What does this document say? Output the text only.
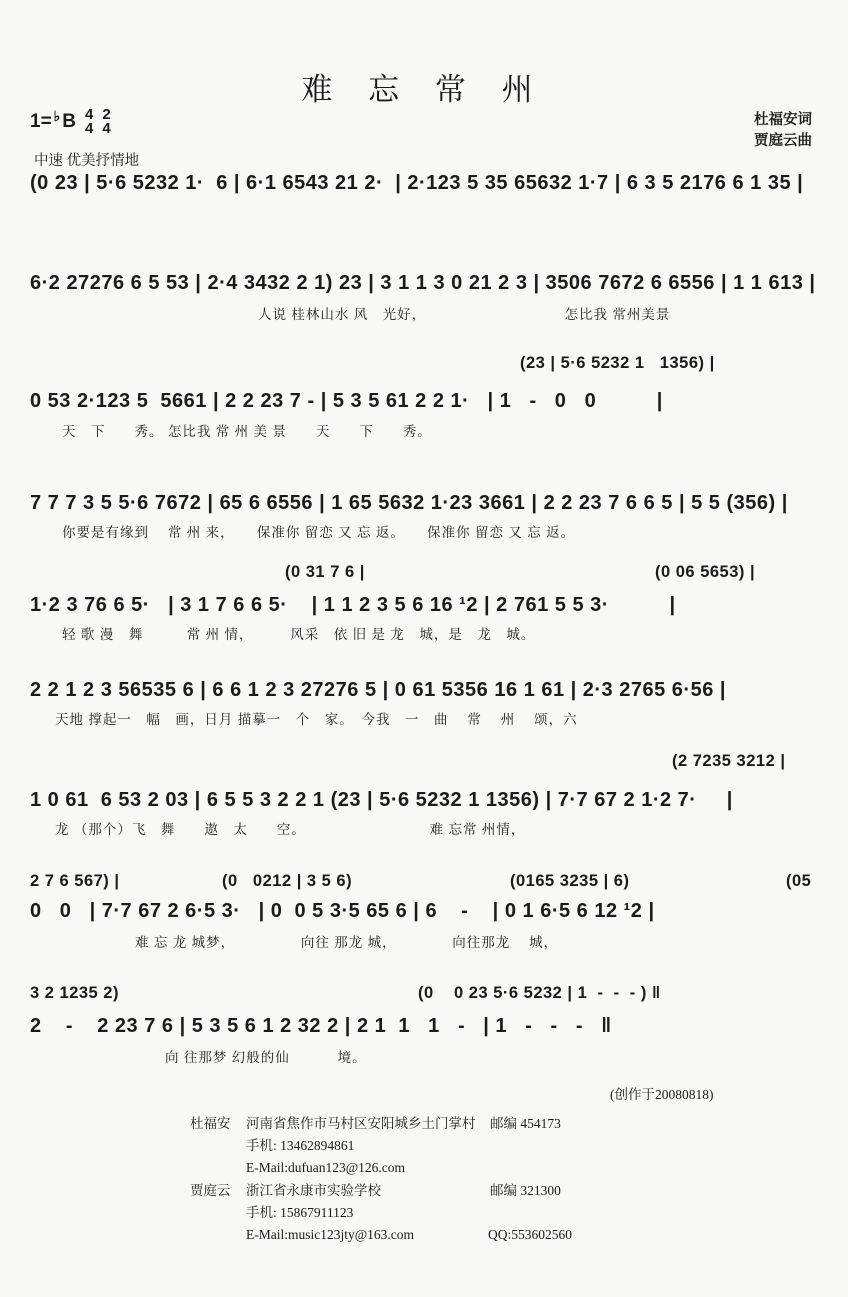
难 忘 常 州
1= ♭ B 4
4
2
4
杜福安词
贾庭云曲
中速 优美抒情地
(0 23 | 5·6 5232 1·  6 | 6·1 6543 21 2·  | 2·123 5 35 65632 1·7 | 6 3 5 2176 6 1 35 |
6·2 27276 6 5 53 | 2·4 3432 2 1) 23 | 3 1 1 3 0 21 2 3 | 3506 7672 6 6556 | 1 1 613 |
人说 桂林山水 风　光好，　　　　　　　　　　怎比我 常州美景
(23 | 5·6 5232 1   1356) |
0 53 2·123 5  5661 | 2 2 23 7 - | 5 3 5 61 2 2 1·   | 1   -   0   0          |
天　下　　秀。 怎比我 常 州 美 景　　天　　下　　秀。
7 7 7 3 5 5·6 7672 | 65 6 6556 | 1 65 5632 1·23 3661 | 2 2 23 7 6 6 5 | 5 5 (356) |
你要是有缘到　 常 州 来，　　保准你 留恋 又 忘 返。　　保准你 留恋 又 忘 返。
(0 31 7 6 |	(0 06 5653) |
1·2 3 76 6 5·   | 3 1 7 6 6 5·    | 1 1 2 3 5 6 16 ¹2 | 2 761 5 5 3·          |
轻 歌 漫　舞　　　常 州 情，　　　风采　依 旧 是 龙　城，是　龙　城。
2 2 1 2 3 56535 6 | 6 6 1 2 3 27276 5 | 0 61 5356 16 1 61 | 2·3 2765 6·56 |
天地 撑起一　幅　画，日月 描摹一　个　家。　今我　一　曲　 常　 州　 颂，六
(2 7235 3212 |
1 0 61  6 53 2 03 | 6 5 5 3 2 2 1 (23 | 5·6 5232 1 1356) | 7·7 67 2 1·2 7·     |
龙 （那个）飞　舞　　遨　太　　空。　　　　　　　　　难 忘常 州情，
2 7 6 567) |	(0   0212 | 3 5 6)	(0165 3235 | 6)	(05
0   0   | 7·7 67 2 6·5 3·   | 0  0 5 3·5 65 6 | 6    -    | 0 1 6·5 6 12 ¹2 |
难 忘 龙 城梦，　　　　　向往 那龙 城，　　　　 向往那龙　 城，
3 2 1235 2)	(0    0 23 5·6 5232 | 1  -  -  - ) ‖
2    -    2 23 7 6 | 5 3 5 6 1 2 32 2 | 2 1  1   1   -   | 1   -   -   -   ‖
向 往那梦 幻般的仙　　　 境。
(创作于20080818)
杜福安	河南省焦作市马村区安阳城乡土门掌村	邮编 454173
手机: 13462894861
E-Mail:dufuan123@126.com
贾庭云	浙江省永康市实验学校	邮编 321300
手机: 15867911123
E-Mail:music123jty@163.com	QQ:553602560
